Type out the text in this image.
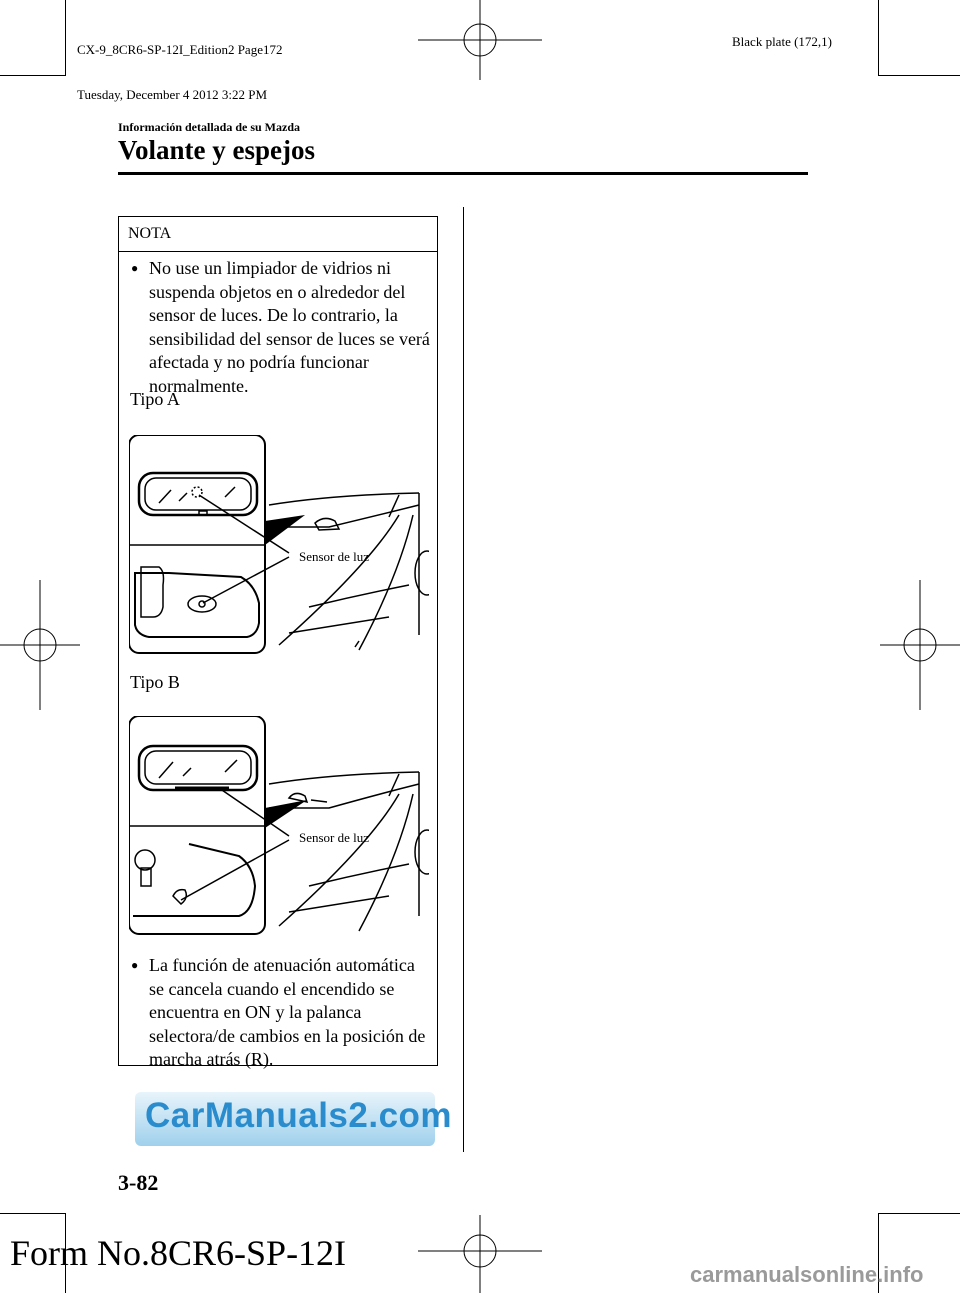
CX-9_8CR6-SP-12I_Edition2 Page172

Tuesday, December 4 2012 3:22 PM

Black plate (172,1)
Información detallada de su Mazda
Volante y espejos
NOTA
● No use un limpiador de vidrios ni suspenda objetos en o alrededor del sensor de luces. De lo contrario, la sensibilidad del sensor de luces se verá afectada y no podría funcionar normalmente.
Tipo A
Sensor de luz
Tipo B
Sensor de luz
● La función de atenuación automática se cancela cuando el encendido se encuentra en ON y la palanca selectora/de cambios en la posición de marcha atrás (R).
CarManuals2.com
3-82
Form No.8CR6-SP-12I
carmanualsonline.info
